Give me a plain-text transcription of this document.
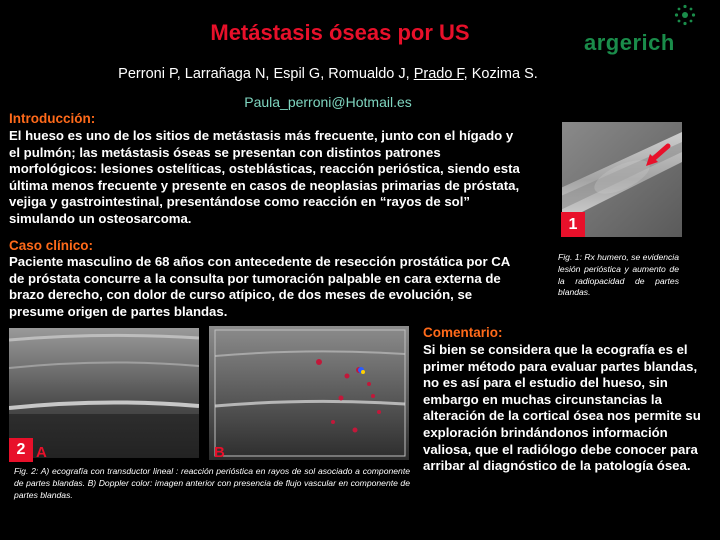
Metástasis óseas por US	argerich
Perroni P, Larrañaga N, Espil G, Romualdo J, Prado F, Kozima S.
Paula_perroni@Hotmail.es
Introducción:
El hueso es uno de los sitios de metástasis más frecuente, junto con el hígado y el pulmón; las metástasis óseas se presentan con distintos patrones morfológicos: lesiones ostelíticas, osteblásticas, reacción perióstica, siendo esta última menos frecuente y presente en casos de neoplasias primarias de próstata, vejiga y gastrointestinal, presentándose como reacción en “rayos de sol” simulando un osteosarcoma.
Caso clínico:
Paciente masculino de 68 años con antecedente de resección prostática por CA de próstata concurre a la consulta por tumoración palpable en cara externa de brazo derecho, con dolor de curso atípico, de dos meses de evolución, se presume origen de partes blandas.
1
Fig. 1: Rx humero, se evidencia lesión perióstica y aumento de la radiopacidad de partes blandas.
2 A	B
Fig. 2: A) ecografía con transductor lineal : reacción perióstica en rayos de sol asociado a componente de partes blandas. B) Doppler color: imagen anterior con presencia de flujo vascular en componente de partes blandas.
Comentario:
Si bien se considera que la ecografía es el primer método para evaluar partes blandas, no es así para el estudio del hueso, sin embargo en muchas circunstancias la alteración de la cortical ósea nos permite su exploración brindándonos información valiosa, que el radiólogo debe conocer para arribar al diagnóstico de la patología ósea.
